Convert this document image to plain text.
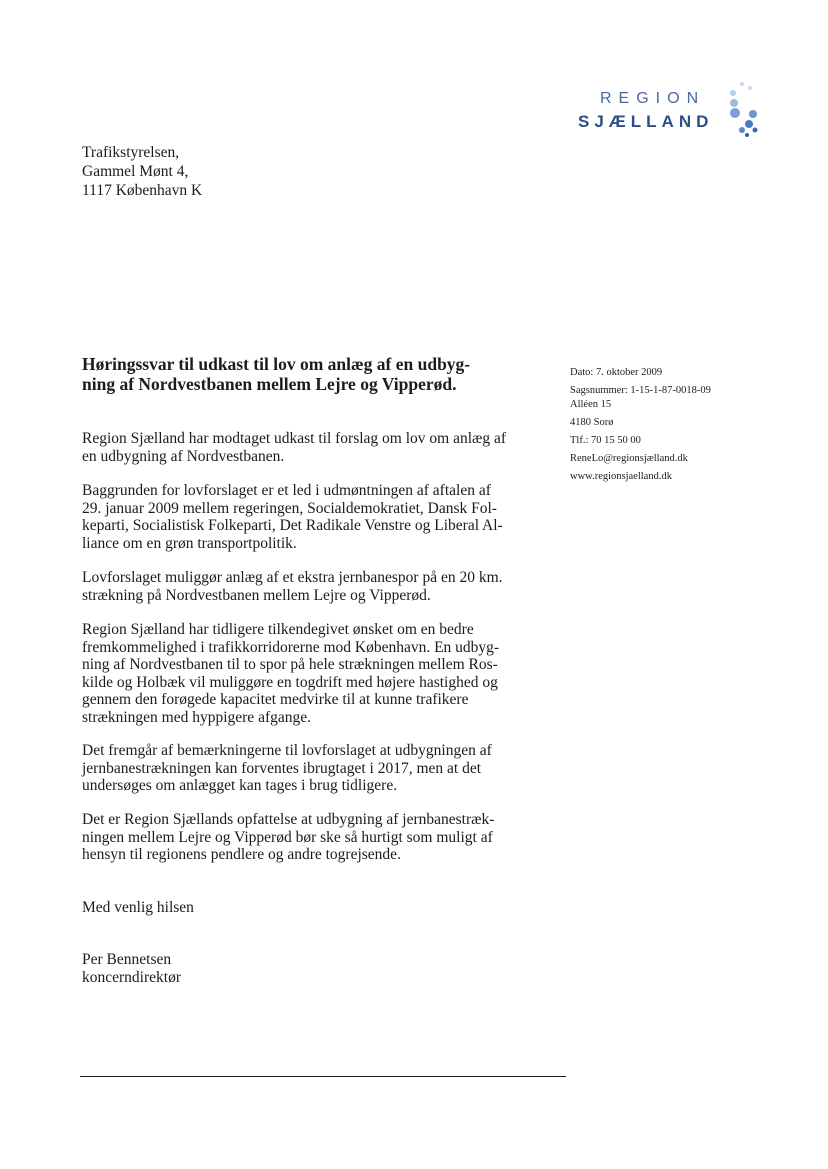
REGION
SJÆLLAND
Trafikstyrelsen,
Gammel Mønt 4,
1117 København K
Høringssvar til udkast til lov om anlæg af en udbyg-
ning af Nordvestbanen mellem Lejre og Vipperød.
Dato: 7. oktober 2009
Sagsnummer: 1-15-1-87-0018-09
Alléen 15
4180 Sorø
Tlf.: 70 15 50 00
ReneLo@regionsjælland.dk
www.regionsjaelland.dk
Region Sjælland har modtaget udkast til forslag om lov om anlæg af
en udbygning af Nordvestbanen.
Baggrunden for lovforslaget er et led i udmøntningen af aftalen af
29. januar 2009 mellem regeringen, Socialdemokratiet, Dansk Fol-
keparti, Socialistisk Folkeparti, Det Radikale Venstre og Liberal Al-
liance om en grøn transportpolitik.
Lovforslaget muliggør anlæg af et ekstra jernbanespor på en 20 km.
strækning på Nordvestbanen mellem Lejre og Vipperød.
Region Sjælland har tidligere tilkendegivet ønsket om en bedre
fremkommelighed i trafikkorridorerne mod København. En udbyg-
ning af Nordvestbanen til to spor på hele strækningen mellem Ros-
kilde og Holbæk vil muliggøre en togdrift med højere hastighed og
gennem den forøgede kapacitet medvirke til at kunne trafikere
strækningen med hyppigere afgange.
Det fremgår af bemærkningerne til lovforslaget at udbygningen af
jernbanestrækningen kan forventes ibrugtaget i 2017, men at det
undersøges om anlægget kan tages i brug tidligere.
Det er Region Sjællands opfattelse at udbygning af jernbanestræk-
ningen mellem Lejre og Vipperød bør ske så hurtigt som muligt af
hensyn til regionens pendlere og andre togrejsende.
Med venlig hilsen
Per Bennetsen
koncerndirektør
